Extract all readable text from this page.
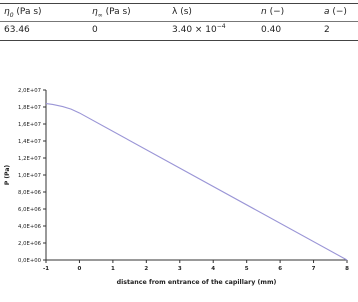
$\eta_0$ (Pa s)	$\eta_\infty$ (Pa s)	λ (s)	n (−)	a (−)
63.46	0	$3.40 \times 10^{-4}$	0.40	2
0,0E+00
2,0E+06
4,0E+06
6,0E+06
8,0E+06
1,0E+07
1,2E+07
1,4E+07
1,6E+07
1,8E+07
2,0E+07
-1	0	1	2	3	4	5	6	7	8
distance from entrance of the capillary (mm)
P (Pa)
